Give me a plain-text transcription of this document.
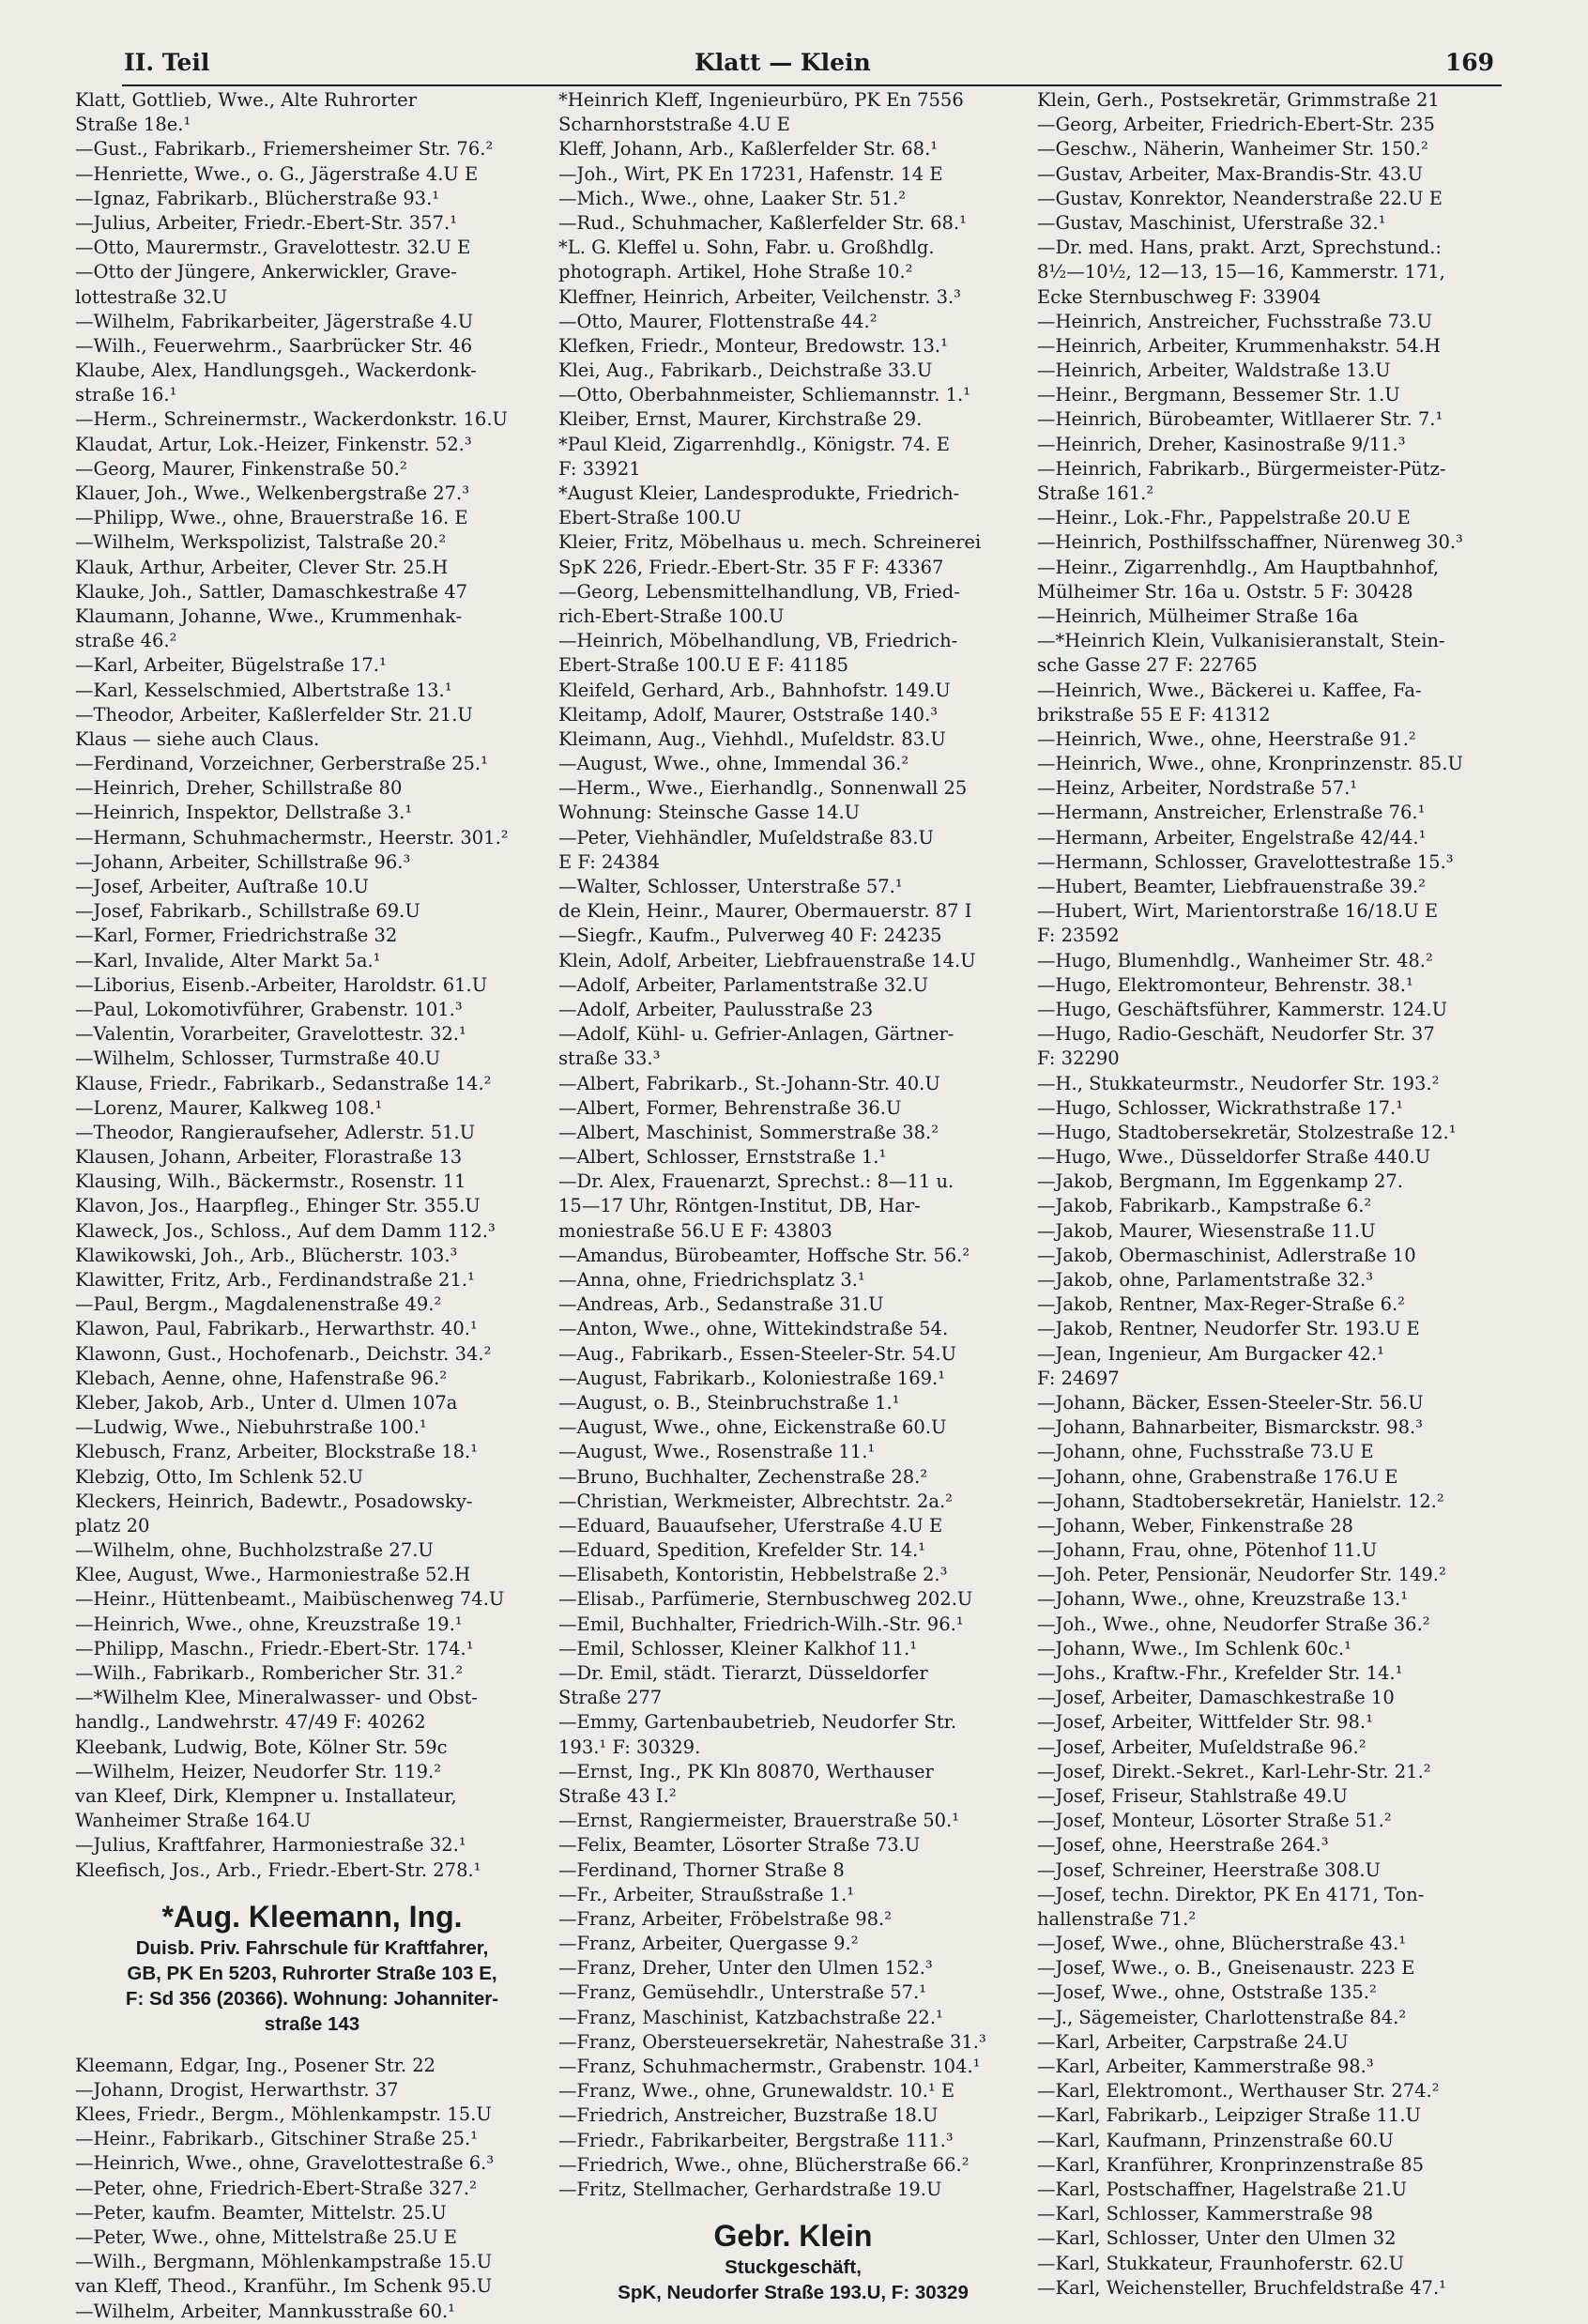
II. Teil	Klatt — Klein	169
Klatt, Gottlieb, Wwe., Alte Ruhrorter
Straße 18e.¹
—Gust., Fabrikarb., Friemersheimer Str. 76.²
—Henriette, Wwe., o. G., Jägerstraße 4.U E
—Ignaz, Fabrikarb., Blücherstraße 93.¹
—Julius, Arbeiter, Friedr.-Ebert-Str. 357.¹
—Otto, Maurermstr., Gravelottestr. 32.U E
—Otto der Jüngere, Ankerwickler, Grave-
lottestraße 32.U
—Wilhelm, Fabrikarbeiter, Jägerstraße 4.U
—Wilh., Feuerwehrm., Saarbrücker Str. 46
Klaube, Alex, Handlungsgeh., Wackerdonk-
straße 16.¹
—Herm., Schreinermstr., Wackerdonkstr. 16.U
Klaudat, Artur, Lok.-Heizer, Finkenstr. 52.³
—Georg, Maurer, Finkenstraße 50.²
Klauer, Joh., Wwe., Welkenbergstraße 27.³
—Philipp, Wwe., ohne, Brauerstraße 16. E
—Wilhelm, Werkspolizist, Talstraße 20.²
Klauk, Arthur, Arbeiter, Clever Str. 25.H
Klauke, Joh., Sattler, Damaschkestraße 47
Klaumann, Johanne, Wwe., Krummenhak-
straße 46.²
—Karl, Arbeiter, Bügelstraße 17.¹
—Karl, Kesselschmied, Albertstraße 13.¹
—Theodor, Arbeiter, Kaßlerfelder Str. 21.U
Klaus — siehe auch Claus.
—Ferdinand, Vorzeichner, Gerberstraße 25.¹
—Heinrich, Dreher, Schillstraße 80
—Heinrich, Inspektor, Dellstraße 3.¹
—Hermann, Schuhmachermstr., Heerstr. 301.²
—Johann, Arbeiter, Schillstraße 96.³
—Josef, Arbeiter, Auſtraße 10.U
—Josef, Fabrikarb., Schillstraße 69.U
—Karl, Former, Friedrichstraße 32
—Karl, Invalide, Alter Markt 5a.¹
—Liborius, Eisenb.-Arbeiter, Haroldstr. 61.U
—Paul, Lokomotivführer, Grabenstr. 101.³
—Valentin, Vorarbeiter, Gravelottestr. 32.¹
—Wilhelm, Schlosser, Turmstraße 40.U
Klause, Friedr., Fabrikarb., Sedanstraße 14.²
—Lorenz, Maurer, Kalkweg 108.¹
—Theodor, Rangieraufseher, Adlerstr. 51.U
Klausen, Johann, Arbeiter, Florastraße 13
Klausing, Wilh., Bäckermstr., Rosenstr. 11
Klavon, Jos., Haarpfleg., Ehinger Str. 355.U
Klaweck, Jos., Schloss., Auf dem Damm 112.³
Klawikowski, Joh., Arb., Blücherstr. 103.³
Klawitter, Fritz, Arb., Ferdinandstraße 21.¹
—Paul, Bergm., Magdalenenstraße 49.²
Klawon, Paul, Fabrikarb., Herwarthstr. 40.¹
Klawonn, Gust., Hochofenarb., Deichstr. 34.²
Klebach, Aenne, ohne, Hafenstraße 96.²
Kleber, Jakob, Arb., Unter d. Ulmen 107a
—Ludwig, Wwe., Niebuhrstraße 100.¹
Klebusch, Franz, Arbeiter, Blockstraße 18.¹
Klebzig, Otto, Im Schlenk 52.U
Kleckers, Heinrich, Badewtr., Posadowsky-
platz 20
—Wilhelm, ohne, Buchholzstraße 27.U
Klee, August, Wwe., Harmoniestraße 52.H
—Heinr., Hüttenbeamt., Maibüschenweg 74.U
—Heinrich, Wwe., ohne, Kreuzstraße 19.¹
—Philipp, Maschn., Friedr.-Ebert-Str. 174.¹
—Wilh., Fabrikarb., Rombericher Str. 31.²
—*Wilhelm Klee, Mineralwasser- und Obst-
handlg., Landwehrstr. 47/49 F: 40262
Kleebank, Ludwig, Bote, Kölner Str. 59c
—Wilhelm, Heizer, Neudorfer Str. 119.²
van Kleef, Dirk, Klempner u. Installateur,
Wanheimer Straße 164.U
—Julius, Kraftfahrer, Harmoniestraße 32.¹
Kleefisch, Jos., Arb., Friedr.-Ebert-Str. 278.¹
*Aug. Kleemann, Ing.
Duisb. Priv. Fahrschule für Kraftfahrer,
GB, PK En 5203, Ruhrorter Straße 103 E,
F: Sd 356 (20366). Wohnung: Johanniter-
straße 143
Kleemann, Edgar, Ing., Posener Str. 22
—Johann, Drogist, Herwarthstr. 37
Klees, Friedr., Bergm., Möhlenkampstr. 15.U
—Heinr., Fabrikarb., Gitschiner Straße 25.¹
—Heinrich, Wwe., ohne, Gravelottestraße 6.³
—Peter, ohne, Friedrich-Ebert-Straße 327.²
—Peter, kaufm. Beamter, Mittelstr. 25.U
—Peter, Wwe., ohne, Mittelstraße 25.U E
—Wilh., Bergmann, Möhlenkampstraße 15.U
van Kleff, Theod., Kranführ., Im Schenk 95.U
—Wilhelm, Arbeiter, Mannkusstraße 60.¹
*Heinrich Kleff, Ingenieurbüro, PK En 7556
Scharnhorststraße 4.U E
Kleff, Johann, Arb., Kaßlerfelder Str. 68.¹
—Joh., Wirt, PK En 17231, Hafenstr. 14 E
—Mich., Wwe., ohne, Laaker Str. 51.²
—Rud., Schuhmacher, Kaßlerfelder Str. 68.¹
*L. G. Kleffel u. Sohn, Fabr. u. Großhdlg.
photograph. Artikel, Hohe Straße 10.²
Kleffner, Heinrich, Arbeiter, Veilchenstr. 3.³
—Otto, Maurer, Flottenstraße 44.²
Klefken, Friedr., Monteur, Bredowstr. 13.¹
Klei, Aug., Fabrikarb., Deichstraße 33.U
—Otto, Oberbahnmeister, Schliemannstr. 1.¹
Kleiber, Ernst, Maurer, Kirchstraße 29.
*Paul Kleid, Zigarrenhdlg., Königstr. 74. E
F: 33921
*August Kleier, Landesprodukte, Friedrich-
Ebert-Straße 100.U
Kleier, Fritz, Möbelhaus u. mech. Schreinerei
SpK 226, Friedr.-Ebert-Str. 35 F F: 43367
—Georg, Lebensmittelhandlung, VB, Fried-
rich-Ebert-Straße 100.U
—Heinrich, Möbelhandlung, VB, Friedrich-
Ebert-Straße 100.U E F: 41185
Kleifeld, Gerhard, Arb., Bahnhofstr. 149.U
Kleitamp, Adolf, Maurer, Oststraße 140.³
Kleimann, Aug., Viehhdl., Muſeldstr. 83.U
—August, Wwe., ohne, Immendal 36.²
—Herm., Wwe., Eierhandlg., Sonnenwall 25
Wohnung: Steinsche Gasse 14.U
—Peter, Viehhändler, Muſeldstraße 83.U
E F: 24384
—Walter, Schlosser, Unterstraße 57.¹
de Klein, Heinr., Maurer, Obermauerstr. 87 I
—Siegfr., Kaufm., Pulverweg 40 F: 24235
Klein, Adolf, Arbeiter, Liebfrauenstraße 14.U
—Adolf, Arbeiter, Parlamentstraße 32.U
—Adolf, Arbeiter, Paulusstraße 23
—Adolf, Kühl- u. Gefrier-Anlagen, Gärtner-
straße 33.³
—Albert, Fabrikarb., St.-Johann-Str. 40.U
—Albert, Former, Behrenstraße 36.U
—Albert, Maschinist, Sommerstraße 38.²
—Albert, Schlosser, Ernststraße 1.¹
—Dr. Alex, Frauenarzt, Sprechst.: 8—11 u.
15—17 Uhr, Röntgen-Institut, DB, Har-
moniestraße 56.U E F: 43803
—Amandus, Bürobeamter, Hoffsche Str. 56.²
—Anna, ohne, Friedrichsplatz 3.¹
—Andreas, Arb., Sedanstraße 31.U
—Anton, Wwe., ohne, Wittekindstraße 54.
—Aug., Fabrikarb., Essen-Steeler-Str. 54.U
—August, Fabrikarb., Koloniestraße 169.¹
—August, o. B., Steinbruchstraße 1.¹
—August, Wwe., ohne, Eickenstraße 60.U
—August, Wwe., Rosenstraße 11.¹
—Bruno, Buchhalter, Zechenstraße 28.²
—Christian, Werkmeister, Albrechtstr. 2a.²
—Eduard, Bauaufseher, Uferstraße 4.U E
—Eduard, Spedition, Krefelder Str. 14.¹
—Elisabeth, Kontoristin, Hebbelstraße 2.³
—Elisab., Parfümerie, Sternbuschweg 202.U
—Emil, Buchhalter, Friedrich-Wilh.-Str. 96.¹
—Emil, Schlosser, Kleiner Kalkhof 11.¹
—Dr. Emil, städt. Tierarzt, Düsseldorfer
Straße 277
—Emmy, Gartenbaubetrieb, Neudorfer Str.
193.¹ F: 30329.
—Ernst, Ing., PK Kln 80870, Werthauser
Straße 43 I.²
—Ernst, Rangiermeister, Brauerstraße 50.¹
—Felix, Beamter, Lösorter Straße 73.U
—Ferdinand, Thorner Straße 8
—Fr., Arbeiter, Straußstraße 1.¹
—Franz, Arbeiter, Fröbelstraße 98.²
—Franz, Arbeiter, Quergasse 9.²
—Franz, Dreher, Unter den Ulmen 152.³
—Franz, Gemüsehdlr., Unterstraße 57.¹
—Franz, Maschinist, Katzbachstraße 22.¹
—Franz, Obersteuersekretär, Nahestraße 31.³
—Franz, Schuhmachermstr., Grabenstr. 104.¹
—Franz, Wwe., ohne, Grunewaldstr. 10.¹ E
—Friedrich, Anstreicher, Buzstraße 18.U
—Friedr., Fabrikarbeiter, Bergstraße 111.³
—Friedrich, Wwe., ohne, Blücherstraße 66.²
—Fritz, Stellmacher, Gerhardstraße 19.U
Gebr. Klein
Stuckgeschäft,
SpK, Neudorfer Straße 193.U, F: 30329
Klein, Gerh., Postsekretär, Grimmstraße 21
—Georg, Arbeiter, Friedrich-Ebert-Str. 235
—Geschw., Näherin, Wanheimer Str. 150.²
—Gustav, Arbeiter, Max-Brandis-Str. 43.U
—Gustav, Konrektor, Neanderstraße 22.U E
—Gustav, Maschinist, Uferstraße 32.¹
—Dr. med. Hans, prakt. Arzt, Sprechstund.:
8½—10½, 12—13, 15—16, Kammerstr. 171,
Ecke Sternbuschweg F: 33904
—Heinrich, Anstreicher, Fuchsstraße 73.U
—Heinrich, Arbeiter, Krummenhakstr. 54.H
—Heinrich, Arbeiter, Waldstraße 13.U
—Heinr., Bergmann, Bessemer Str. 1.U
—Heinrich, Bürobeamter, Witllaerer Str. 7.¹
—Heinrich, Dreher, Kasinostraße 9/11.³
—Heinrich, Fabrikarb., Bürgermeister-Pütz-
Straße 161.²
—Heinr., Lok.-Fhr., Pappelstraße 20.U E
—Heinrich, Posthilfsschaffner, Nürenweg 30.³
—Heinr., Zigarrenhdlg., Am Hauptbahnhof,
Mülheimer Str. 16a u. Oststr. 5 F: 30428
—Heinrich, Mülheimer Straße 16a
—*Heinrich Klein, Vulkanisieranstalt, Stein-
sche Gasse 27 F: 22765
—Heinrich, Wwe., Bäckerei u. Kaffee, Fa-
brikstraße 55 E F: 41312
—Heinrich, Wwe., ohne, Heerstraße 91.²
—Heinrich, Wwe., ohne, Kronprinzenstr. 85.U
—Heinz, Arbeiter, Nordstraße 57.¹
—Hermann, Anstreicher, Erlenstraße 76.¹
—Hermann, Arbeiter, Engelstraße 42/44.¹
—Hermann, Schlosser, Gravelottestraße 15.³
—Hubert, Beamter, Liebfrauenstraße 39.²
—Hubert, Wirt, Marientorstraße 16/18.U E
F: 23592
—Hugo, Blumenhdlg., Wanheimer Str. 48.²
—Hugo, Elektromonteur, Behrenstr. 38.¹
—Hugo, Geschäftsführer, Kammerstr. 124.U
—Hugo, Radio-Geschäft, Neudorfer Str. 37
F: 32290
—H., Stukkateurmstr., Neudorfer Str. 193.²
—Hugo, Schlosser, Wickrathstraße 17.¹
—Hugo, Stadtobersekretär, Stolzestraße 12.¹
—Hugo, Wwe., Düsseldorfer Straße 440.U
—Jakob, Bergmann, Im Eggenkamp 27.
—Jakob, Fabrikarb., Kampstraße 6.²
—Jakob, Maurer, Wiesenstraße 11.U
—Jakob, Obermaschinist, Adlerstraße 10
—Jakob, ohne, Parlamentstraße 32.³
—Jakob, Rentner, Max-Reger-Straße 6.²
—Jakob, Rentner, Neudorfer Str. 193.U E
—Jean, Ingenieur, Am Burgacker 42.¹
F: 24697
—Johann, Bäcker, Essen-Steeler-Str. 56.U
—Johann, Bahnarbeiter, Bismarckstr. 98.³
—Johann, ohne, Fuchsstraße 73.U E
—Johann, ohne, Grabenstraße 176.U E
—Johann, Stadtobersekretär, Hanielstr. 12.²
—Johann, Weber, Finkenstraße 28
—Johann, Frau, ohne, Pötenhof 11.U
—Joh. Peter, Pensionär, Neudorfer Str. 149.²
—Johann, Wwe., ohne, Kreuzstraße 13.¹
—Joh., Wwe., ohne, Neudorfer Straße 36.²
—Johann, Wwe., Im Schlenk 60c.¹
—Johs., Kraftw.-Fhr., Krefelder Str. 14.¹
—Josef, Arbeiter, Damaschkestraße 10
—Josef, Arbeiter, Wittfelder Str. 98.¹
—Josef, Arbeiter, Muſeldstraße 96.²
—Josef, Direkt.-Sekret., Karl-Lehr-Str. 21.²
—Josef, Friseur, Stahlstraße 49.U
—Josef, Monteur, Lösorter Straße 51.²
—Josef, ohne, Heerstraße 264.³
—Josef, Schreiner, Heerstraße 308.U
—Josef, techn. Direktor, PK En 4171, Ton-
hallenstraße 71.²
—Josef, Wwe., ohne, Blücherstraße 43.¹
—Josef, Wwe., o. B., Gneisenaustr. 223 E
—Josef, Wwe., ohne, Oststraße 135.²
—J., Sägemeister, Charlottenstraße 84.²
—Karl, Arbeiter, Carpstraße 24.U
—Karl, Arbeiter, Kammerstraße 98.³
—Karl, Elektromont., Werthauser Str. 274.²
—Karl, Fabrikarb., Leipziger Straße 11.U
—Karl, Kaufmann, Prinzenstraße 60.U
—Karl, Kranführer, Kronprinzenstraße 85
—Karl, Postschaffner, Hagelstraße 21.U
—Karl, Schlosser, Kammerstraße 98
—Karl, Schlosser, Unter den Ulmen 32
—Karl, Stukkateur, Fraunhoferstr. 62.U
—Karl, Weichensteller, Bruchfeldstraße 47.¹
